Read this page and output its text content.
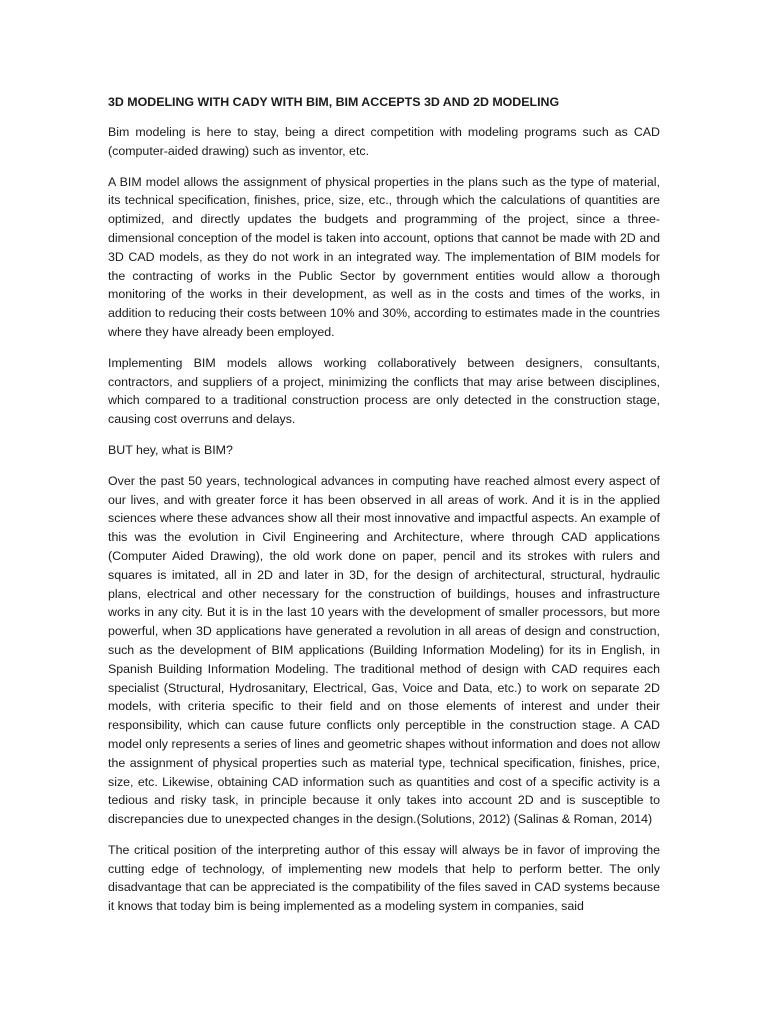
3D MODELING WITH CADY WITH BIM, BIM ACCEPTS 3D AND 2D MODELING

Bim modeling is here to stay, being a direct competition with modeling programs such as CAD (computer-aided drawing) such as inventor, etc.

A BIM model allows the assignment of physical properties in the plans such as the type of material, its technical specification, finishes, price, size, etc., through which the calculations of quantities are optimized, and directly updates the budgets and programming of the project, since a three-dimensional conception of the model is taken into account, options that cannot be made with 2D and 3D CAD models, as they do not work in an integrated way. The implementation of BIM models for the contracting of works in the Public Sector by government entities would allow a thorough monitoring of the works in their development, as well as in the costs and times of the works, in addition to reducing their costs between 10% and 30%, according to estimates made in the countries where they have already been employed.

Implementing BIM models allows working collaboratively between designers, consultants, contractors, and suppliers of a project, minimizing the conflicts that may arise between disciplines, which compared to a traditional construction process are only detected in the construction stage, causing cost overruns and delays.

BUT hey, what is BIM?

Over the past 50 years, technological advances in computing have reached almost every aspect of our lives, and with greater force it has been observed in all areas of work. And it is in the applied sciences where these advances show all their most innovative and impactful aspects. An example of this was the evolution in Civil Engineering and Architecture, where through CAD applications (Computer Aided Drawing), the old work done on paper, pencil and its strokes with rulers and squares is imitated, all in 2D and later in 3D, for the design of architectural, structural, hydraulic plans, electrical and other necessary for the construction of buildings, houses and infrastructure works in any city. But it is in the last 10 years with the development of smaller processors, but more powerful, when 3D applications have generated a revolution in all areas of design and construction, such as the development of BIM applications (Building Information Modeling) for its in English, in Spanish Building Information Modeling. The traditional method of design with CAD requires each specialist (Structural, Hydrosanitary, Electrical, Gas, Voice and Data, etc.) to work on separate 2D models, with criteria specific to their field and on those elements of interest and under their responsibility, which can cause future conflicts only perceptible in the construction stage. A CAD model only represents a series of lines and geometric shapes without information and does not allow the assignment of physical properties such as material type, technical specification, finishes, price, size, etc. Likewise, obtaining CAD information such as quantities and cost of a specific activity is a tedious and risky task, in principle because it only takes into account 2D and is susceptible to discrepancies due to unexpected changes in the design.(Solutions, 2012) (Salinas & Roman, 2014)

The critical position of the interpreting author of this essay will always be in favor of improving the cutting edge of technology, of implementing new models that help to perform better. The only disadvantage that can be appreciated is the compatibility of the files saved in CAD systems because it knows that today bim is being implemented as a modeling system in companies, said
